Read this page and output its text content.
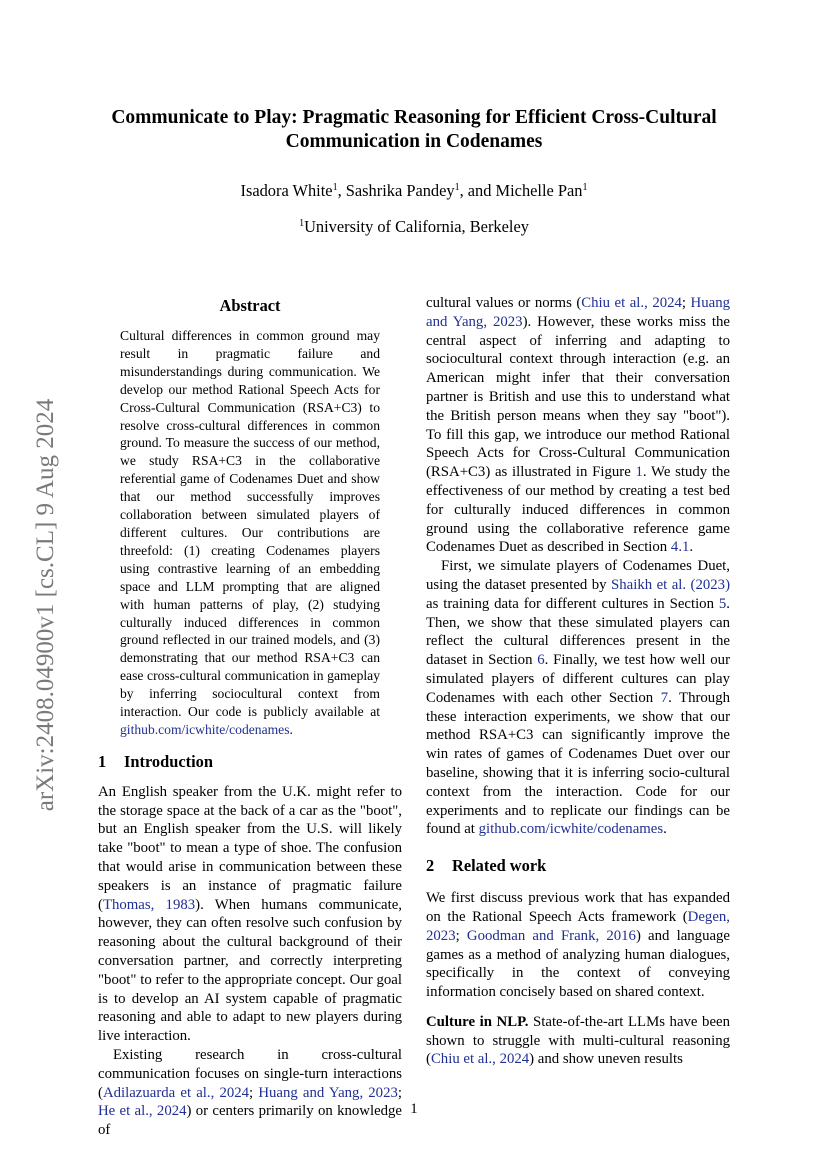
arXiv:2408.04900v1 [cs.CL] 9 Aug 2024
Communicate to Play: Pragmatic Reasoning for Efficient Cross-Cultural
Communication in Codenames
Isadora White$^1$, Sashrika Pandey$^1$, and Michelle Pan$^1$
$^1$University of California, Berkeley
Abstract
Cultural differences in common ground may result in pragmatic failure and misunderstandings during communication. We develop our method Rational Speech Acts for Cross-Cultural Communication (RSA+C3) to resolve cross-cultural differences in common ground. To measure the success of our method, we study RSA+C3 in the collaborative referential game of Codenames Duet and show that our method successfully improves collaboration between simulated players of different cultures. Our contributions are threefold: (1) creating Codenames players using contrastive learning of an embedding space and LLM prompting that are aligned with human patterns of play, (2) studying culturally induced differences in common ground reflected in our trained models, and (3) demonstrating that our method RSA+C3 can ease cross-cultural communication in gameplay by inferring sociocultural context from interaction. Our code is publicly available at github.com/icwhite/codenames.
1 Introduction

An English speaker from the U.K. might refer to the storage space at the back of a car as the "boot", but an English speaker from the U.S. will likely take "boot" to mean a type of shoe. The confusion that would arise in communication between these speakers is an instance of pragmatic failure (Thomas, 1983). When humans communicate, however, they can often resolve such confusion by reasoning about the cultural background of their conversation partner, and correctly interpreting "boot" to refer to the appropriate concept. Our goal is to develop an AI system capable of pragmatic reasoning and able to adapt to new players during live interaction.

Existing research in cross-cultural communication focuses on single-turn interactions (Adilazuarda et al., 2024; Huang and Yang, 2023; He et al., 2024) or centers primarily on knowledge of

cultural values or norms (Chiu et al., 2024; Huang and Yang, 2023). However, these works miss the central aspect of inferring and adapting to sociocultural context through interaction (e.g. an American might infer that their conversation partner is British and use this to understand what the British person means when they say "boot"). To fill this gap, we introduce our method Rational Speech Acts for Cross-Cultural Communication (RSA+C3) as illustrated in Figure 1. We study the effectiveness of our method by creating a test bed for culturally induced differences in common ground using the collaborative reference game Codenames Duet as described in Section 4.1.

First, we simulate players of Codenames Duet, using the dataset presented by Shaikh et al. (2023) as training data for different cultures in Section 5. Then, we show that these simulated players can reflect the cultural differences present in the dataset in Section 6. Finally, we test how well our simulated players of different cultures can play Codenames with each other Section 7. Through these interaction experiments, we show that our method RSA+C3 can significantly improve the win rates of games of Codenames Duet over our baseline, showing that it is inferring socio-cultural context from the interaction. Code for our experiments and to replicate our findings can be found at github.com/icwhite/codenames.

2 Related work

We first discuss previous work that has expanded on the Rational Speech Acts framework (Degen, 2023; Goodman and Frank, 2016) and language games as a method of analyzing human dialogues, specifically in the context of conveying information concisely based on shared context.

Culture in NLP. State-of-the-art LLMs have been shown to struggle with multi-cultural reasoning (Chiu et al., 2024) and show uneven results

1
